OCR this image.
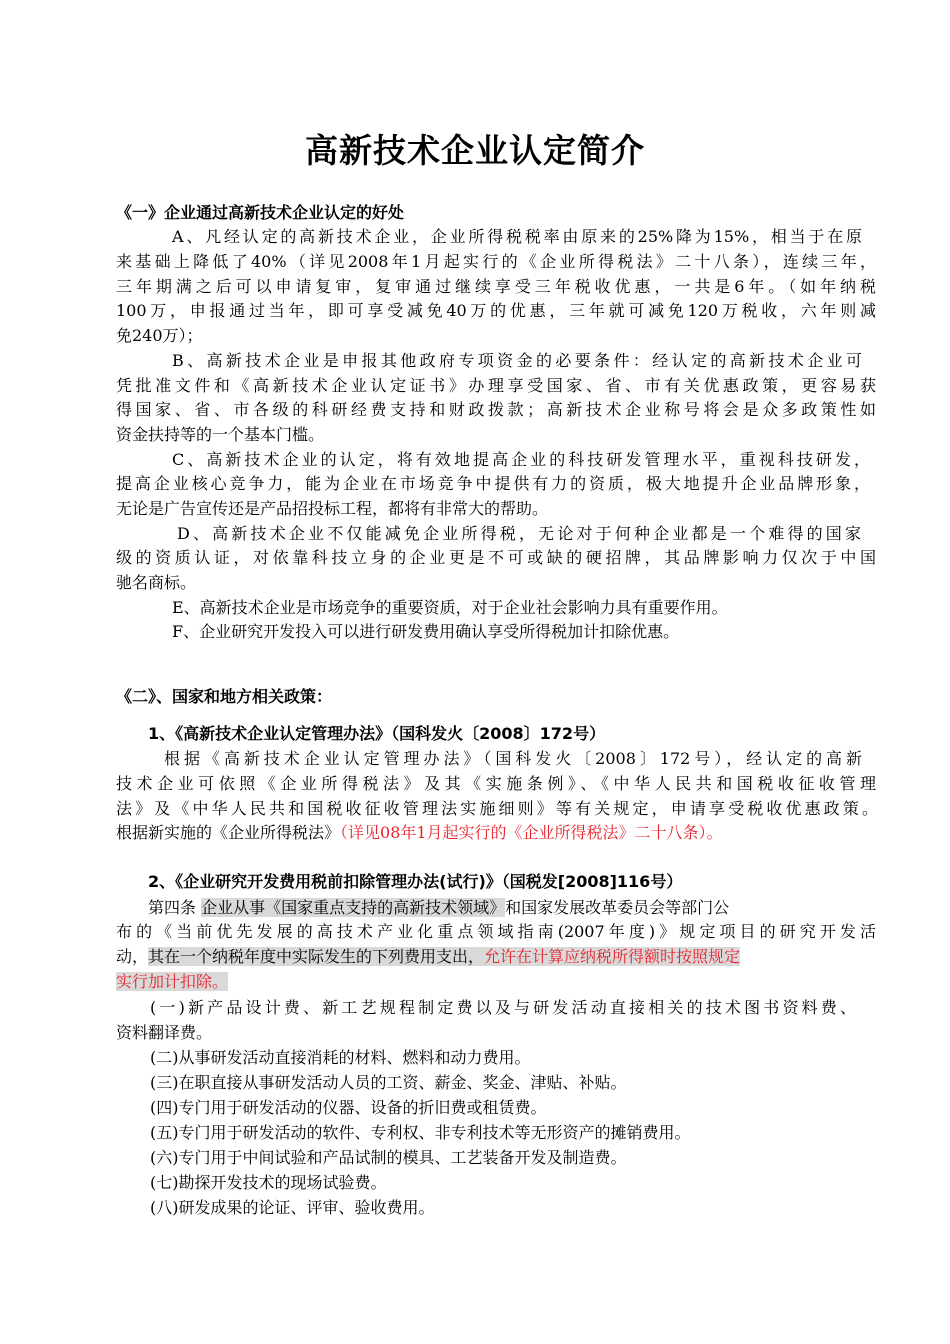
高新技术企业认定简介
《一》企业通过高新技术企业认定的好处
A、凡经认定的高新技术企业，企业所得税税率由原来的25%降为15%，相当于在原
来基础上降低了40%（详见2008年1月起实行的《企业所得税法》二十八条），连续三年，
三年期满之后可以申请复审，复审通过继续享受三年税收优惠，一共是6年。（如年纳税
100万，申报通过当年，即可享受减免40万的优惠，三年就可减免120万税收，六年则减
免240万）；
B、高新技术企业是申报其他政府专项资金的必要条件：经认定的高新技术企业可
凭批准文件和《高新技术企业认定证书》办理享受国家、省、市有关优惠政策，更容易获
得国家、省、市各级的科研经费支持和财政拨款；高新技术企业称号将会是众多政策性如
资金扶持等的一个基本门槛。
C、高新技术企业的认定，将有效地提高企业的科技研发管理水平，重视科技研发，
提高企业核心竞争力，能为企业在市场竞争中提供有力的资质，极大地提升企业品牌形象，
无论是广告宣传还是产品招投标工程，都将有非常大的帮助。
D、高新技术企业不仅能减免企业所得税，无论对于何种企业都是一个难得的国家
级的资质认证，对依靠科技立身的企业更是不可或缺的硬招牌，其品牌影响力仅次于中国
驰名商标。
E、高新技术企业是市场竞争的重要资质，对于企业社会影响力具有重要作用。
F、企业研究开发投入可以进行研发费用确认享受所得税加计扣除优惠。
《二》、国家和地方相关政策：
1、《高新技术企业认定管理办法》（国科发火〔2008〕172号）
根据《高新技术企业认定管理办法》（国科发火〔2008〕172号），经认定的高新
技术企业可依照《企业所得税法》及其《实施条例》、《中华人民共和国税收征收管理
法》及《中华人民共和国税收征收管理法实施细则》等有关规定，申请享受税收优惠政策。
根据新实施的《企业所得税法》（详见08年1月起实行的《企业所得税法》二十八条）。
2、《企业研究开发费用税前扣除管理办法(试行)》（国税发[2008]116号）
第四条 企业从事《国家重点支持的高新技术领域》和国家发展改革委员会等部门公
布的《当前优先发展的高技术产业化重点领域指南(2007年度)》规定项目的研究开发活
动，其在一个纳税年度中实际发生的下列费用支出，允许在计算应纳税所得额时按照规定
实行加计扣除。
(一)新产品设计费、新工艺规程制定费以及与研发活动直接相关的技术图书资料费、
资料翻译费。
(二)从事研发活动直接消耗的材料、燃料和动力费用。
(三)在职直接从事研发活动人员的工资、薪金、奖金、津贴、补贴。
(四)专门用于研发活动的仪器、设备的折旧费或租赁费。
(五)专门用于研发活动的软件、专利权、非专利技术等无形资产的摊销费用。
(六)专门用于中间试验和产品试制的模具、工艺装备开发及制造费。
(七)勘探开发技术的现场试验费。
(八)研发成果的论证、评审、验收费用。
